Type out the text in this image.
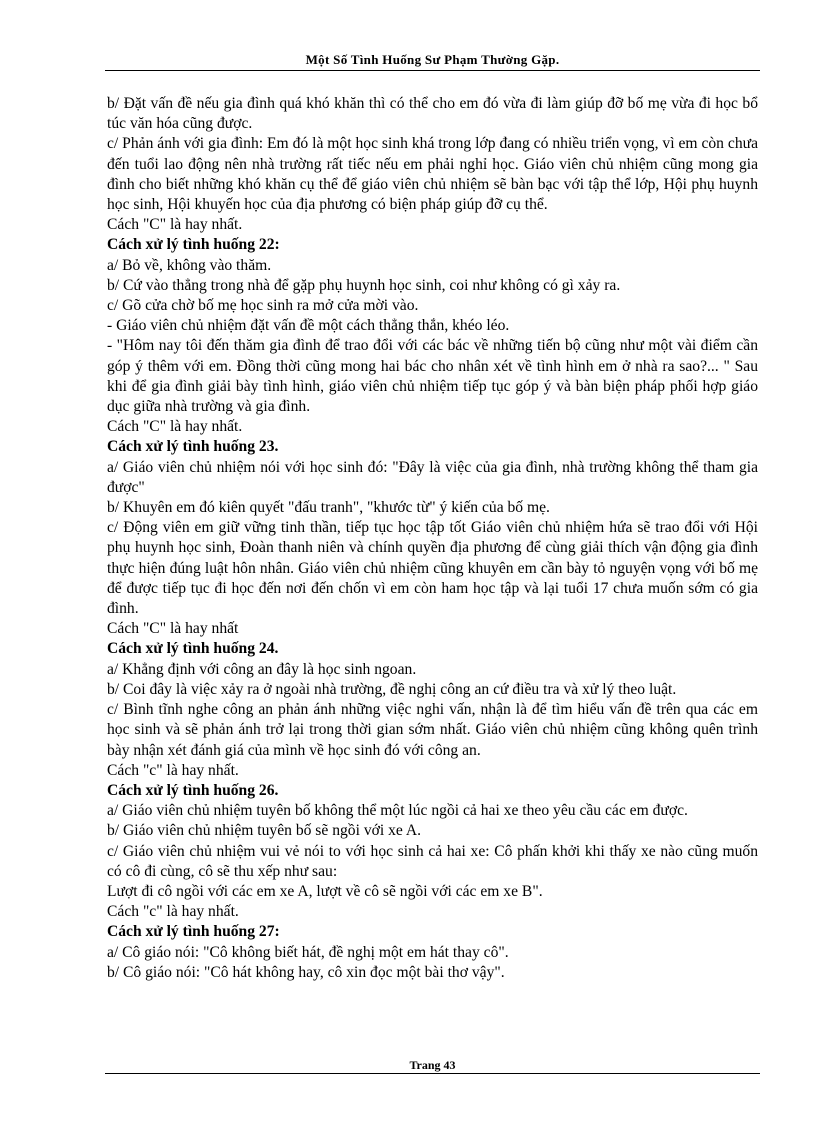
Một Số Tình Huống Sư Phạm Thường Gặp.
b/ Đặt vấn đề nếu gia đình quá khó khăn thì có thể cho em đó vừa đi làm giúp đỡ bố mẹ vừa đi học bổ túc văn hóa cũng được.
c/ Phản ánh với gia đình: Em đó là một học sinh khá trong lớp đang có nhiều triển vọng, vì em còn chưa đến tuổi lao động nên nhà trường rất tiếc nếu em phải nghỉ học. Giáo viên chủ nhiệm cũng mong gia đình cho biết những khó khăn cụ thể để giáo viên chủ nhiệm sẽ bàn bạc với tập thể lớp, Hội phụ huynh học sinh, Hội khuyến học của địa phương có biện pháp giúp đỡ cụ thể.
Cách "C" là hay nhất.
Cách xử lý tình huống 22:
a/ Bỏ về, không vào thăm.
b/ Cứ vào thẳng trong nhà để gặp phụ huynh học sinh, coi như không có gì xảy ra.
c/ Gõ cửa chờ bố mẹ học sinh ra mở cửa mời vào.
- Giáo viên chủ nhiệm đặt vấn đề một cách thẳng thắn, khéo léo.
- "Hôm nay tôi đến thăm gia đình để trao đổi với các bác về những tiến bộ cũng như một vài điểm cần góp ý thêm với em. Đồng thời cũng mong hai bác cho nhân xét về tình hình em ở nhà ra sao?... " Sau khi để gia đình giải bày tình hình, giáo viên chủ nhiệm tiếp tục góp ý và bàn biện pháp phối hợp giáo dục giữa nhà trường và gia đình.
Cách "C" là hay nhất.
Cách xử lý tình huống 23.
a/ Giáo viên chủ nhiệm nói với học sinh đó: "Đây là việc của gia đình, nhà trường không thể tham gia được"
b/ Khuyên em đó kiên quyết "đấu tranh", "khước từ" ý kiến của bố mẹ.
c/ Động viên em giữ vững tinh thần, tiếp tục học tập tốt Giáo viên chủ nhiệm hứa sẽ trao đổi với Hội phụ huynh học sinh, Đoàn thanh niên và chính quyền địa phương để cùng giải thích vận động gia đình thực hiện đúng luật hôn nhân. Giáo viên chủ nhiệm cũng khuyên em cần bày tỏ nguyện vọng với bố mẹ để được tiếp tục đi học đến nơi đến chốn vì em còn ham học tập và lại tuổi 17 chưa muốn sớm có gia đình.
Cách "C" là hay nhất
Cách xử lý tình huống 24.
a/ Khẳng định với công an đây là học sinh ngoan.
b/ Coi đây là việc xảy ra ở ngoài nhà trường, đề nghị công an cứ điều tra và xử lý theo luật.
c/ Bình tĩnh nghe công an phản ánh những việc nghi vấn, nhận là để tìm hiểu vấn đề trên qua các em học sinh và sẽ phản ánh trở lại trong thời gian sớm nhất. Giáo viên chủ nhiệm cũng không quên trình bày nhận xét đánh giá của mình về học sinh đó với công an.
Cách "c" là hay nhất.
Cách xử lý tình huống 26.
a/ Giáo viên chủ nhiệm tuyên bố không thể một lúc ngồi cả hai xe theo yêu cầu các em được.
b/ Giáo viên chủ nhiệm tuyên bố sẽ ngồi với xe A.
c/ Giáo viên chủ nhiệm vui vẻ nói to với học sinh cả hai xe: Cô phấn khởi khi thấy xe nào cũng muốn có cô đi cùng, cô sẽ thu xếp như sau:
Lượt đi cô ngồi với các em xe A, lượt về cô sẽ ngồi với các em xe B".
Cách "c" là hay nhất.
Cách xử lý tình huống 27:
a/ Cô giáo nói: "Cô không biết hát, đề nghị một em hát thay cô".
b/ Cô giáo nói: "Cô hát không hay, cô xin đọc một bài thơ vậy".
Trang 43
